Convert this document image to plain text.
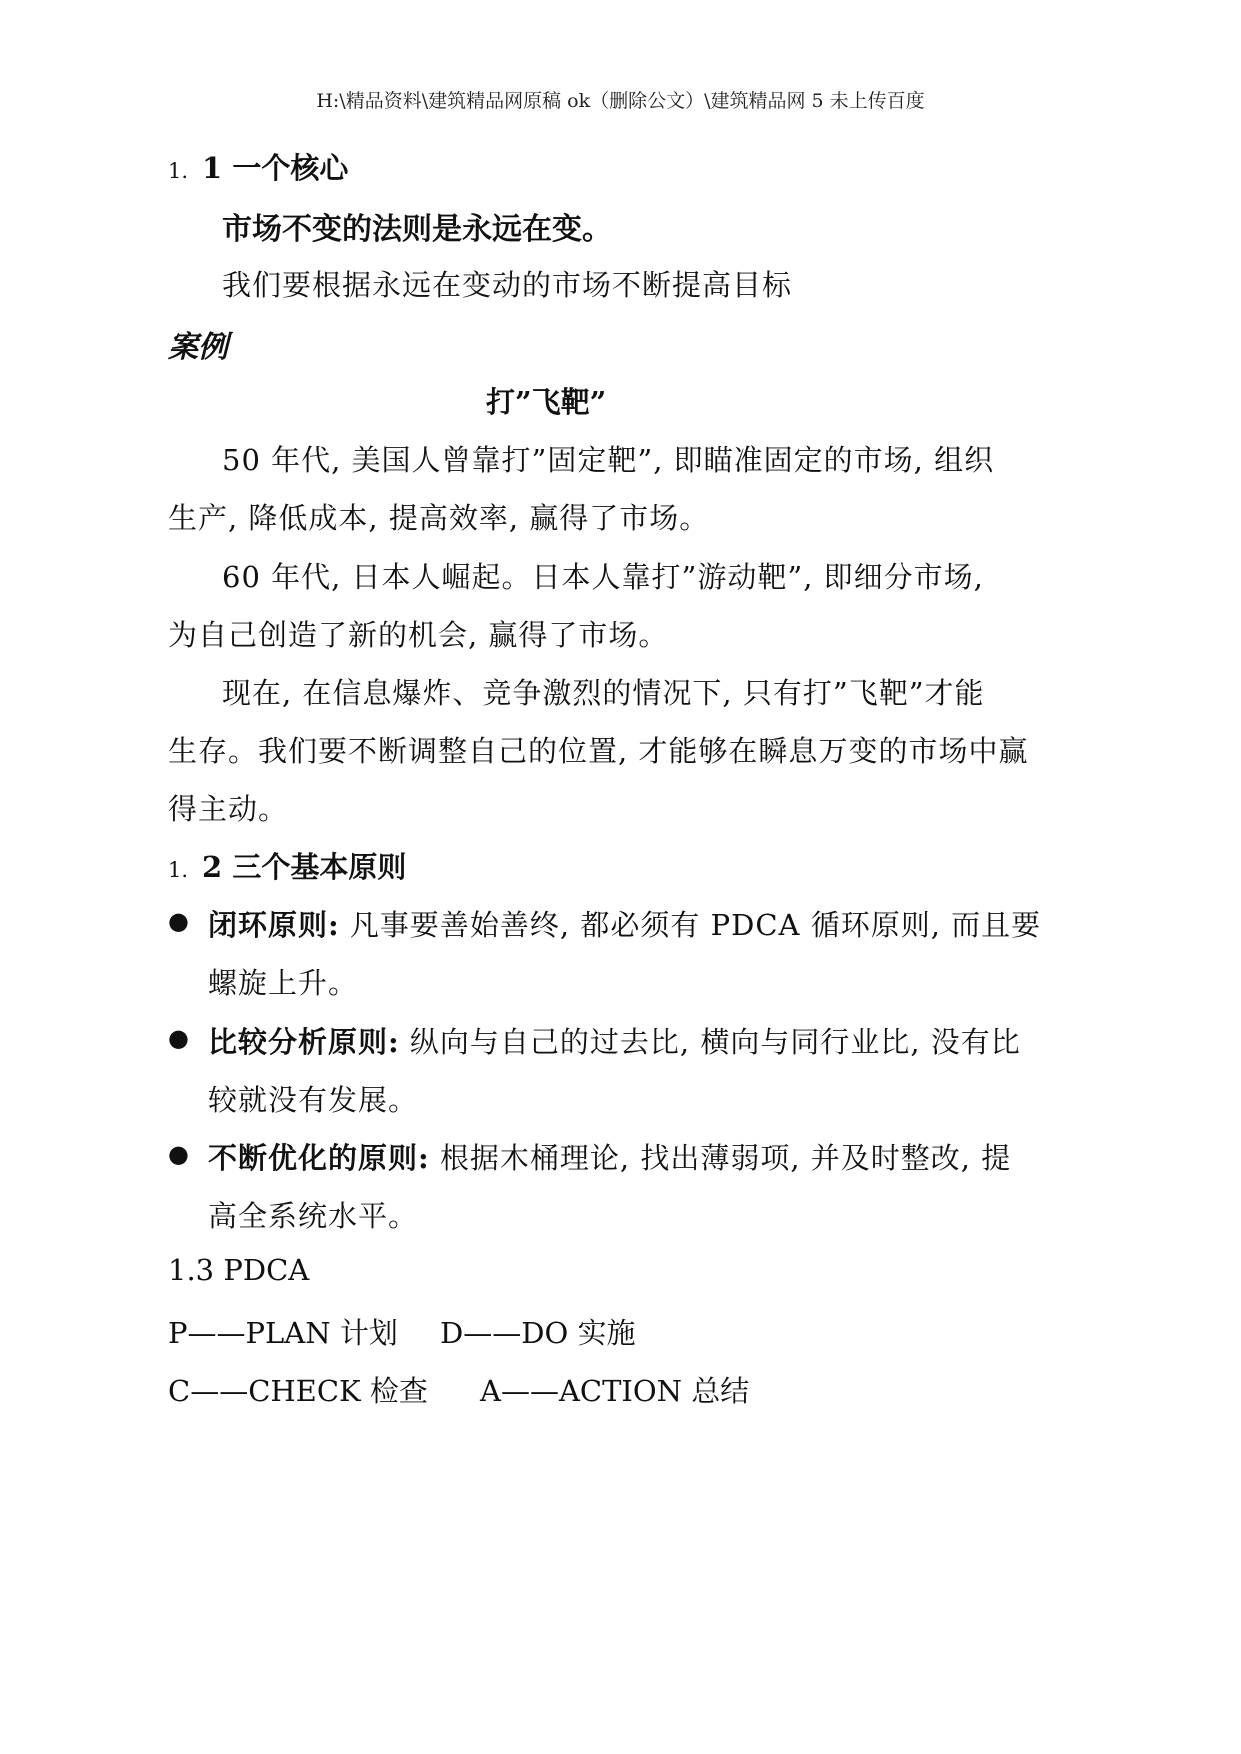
H:\精品资料\建筑精品网原稿 ok（删除公文）\建筑精品网 5 未上传百度
1. 1 一个核心
市场不变的法则是永远在变。
我们要根据永远在变动的市场不断提高目标
案例
打”飞靶”
50 年代, 美国人曾靠打”固定靶”, 即瞄准固定的市场, 组织
生产, 降低成本, 提高效率, 赢得了市场。
60 年代, 日本人崛起。日本人靠打”游动靶”, 即细分市场,
为自己创造了新的机会, 赢得了市场。
现在, 在信息爆炸、竞争激烈的情况下, 只有打”飞靶”才能
生存。我们要不断调整自己的位置, 才能够在瞬息万变的市场中赢
得主动。
1. 2 三个基本原则
● 闭环原则: 凡事要善始善终, 都必须有 PDCA 循环原则, 而且要
螺旋上升。
● 比较分析原则: 纵向与自己的过去比, 横向与同行业比, 没有比
较就没有发展。
● 不断优化的原则: 根据木桶理论, 找出薄弱项, 并及时整改, 提
高全系统水平。
1.3 PDCA
P——PLAN 计划 D——DO 实施
C——CHECK 检查 A——ACTION 总结
